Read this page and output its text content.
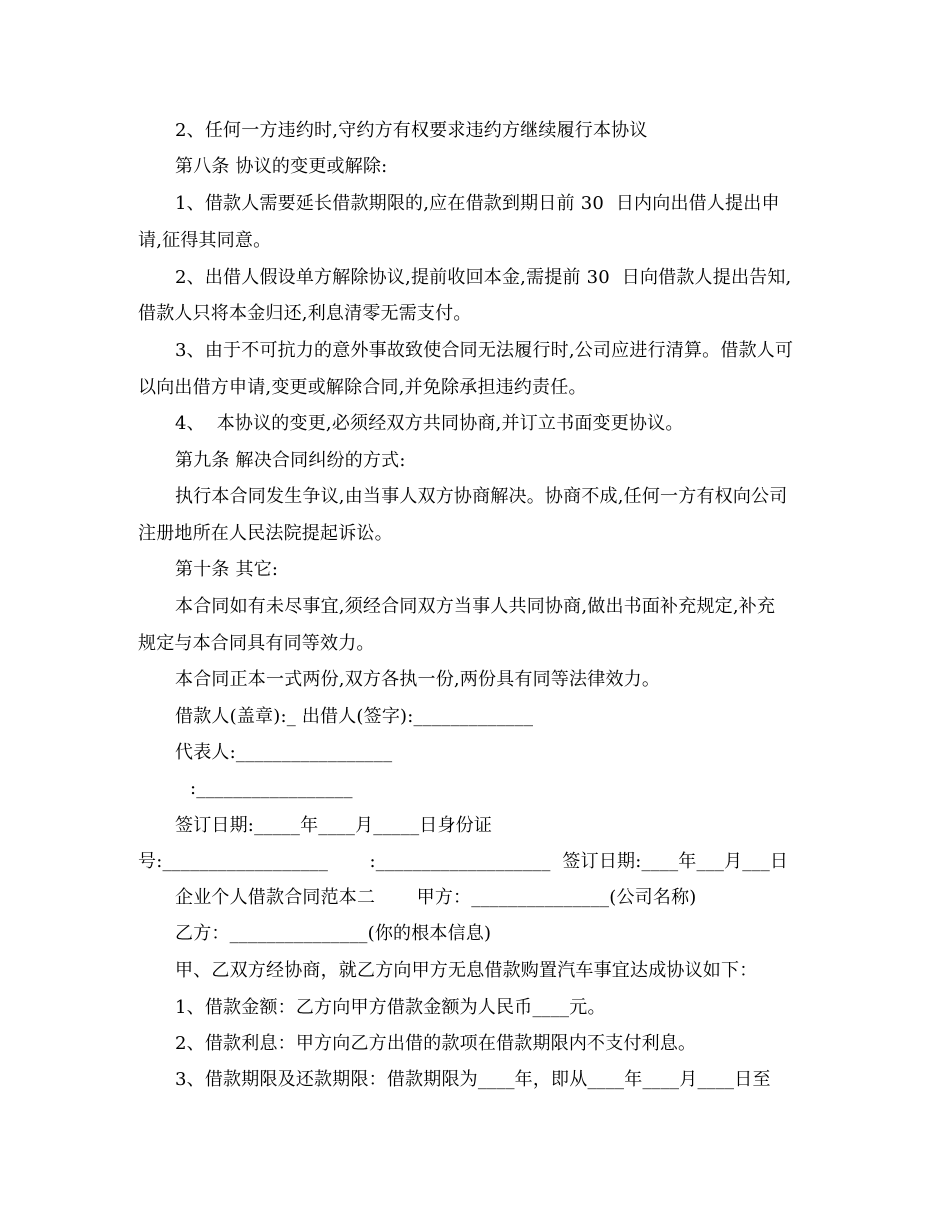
2、任何一方违约时,守约方有权要求违约方继续履行本协议
第八条 协议的变更或解除:
1、借款人需要延长借款期限的,应在借款到期日前 30  日内向出借人提出申
请,征得其同意。
2、出借人假设单方解除协议,提前收回本金,需提前 30  日向借款人提出告知,
借款人只将本金归还,利息清零无需支付。
3、由于不可抗力的意外事故致使合同无法履行时,公司应进行清算。借款人可
以向出借方申请,变更或解除合同,并免除承担违约责任。
4、  本协议的变更,必须经双方共同协商,并订立书面变更协议。
第九条 解决合同纠纷的方式:
执行本合同发生争议,由当事人双方协商解决。协商不成,任何一方有权向公司
注册地所在人民法院提起诉讼。
第十条 其它:
本合同如有未尽事宜,须经合同双方当事人共同协商,做出书面补充规定,补充
规定与本合同具有同等效力。
本合同正本一式两份,双方各执一份,两份具有同等法律效力。
借款人(盖章):_ 出借人(签字):_____________
代表人:_________________
:_________________
签订日期:_____年____月_____日身份证
号:__________________       :___________________  签订日期:____年___月___日
企业个人借款合同范本二       甲方：_______________(公司名称)
乙方：_______________(你的根本信息)
甲、乙双方经协商，就乙方向甲方无息借款购置汽车事宜达成协议如下：
1、借款金额：乙方向甲方借款金额为人民币____元。
2、借款利息：甲方向乙方出借的款项在借款期限内不支付利息。
3、借款期限及还款期限：借款期限为____年，即从____年____月____日至
